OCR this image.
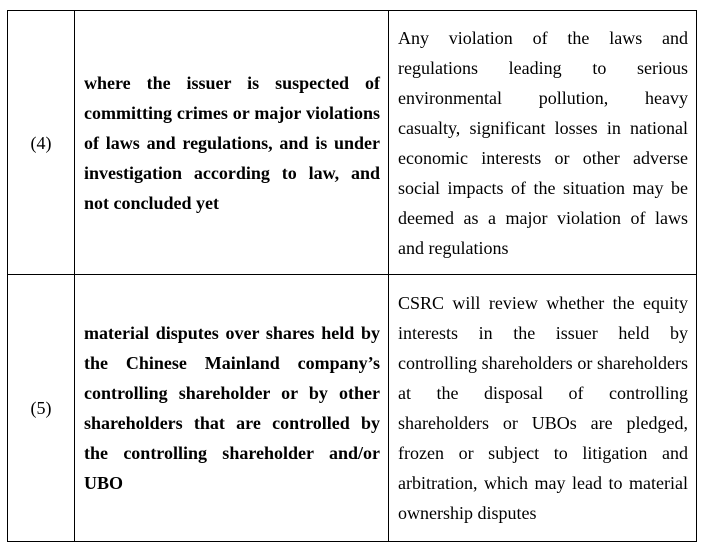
(4)	where the issuer is suspected of committing crimes or major violations of laws and regulations, and is under investigation according to law, and not concluded yet	Any violation of the laws and regulations leading to serious environmental pollution, heavy casualty, significant losses in national economic interests or other adverse social impacts of the situation may be deemed as a major violation of laws and regulations
(5)	material disputes over shares held by the Chinese Mainland company’s controlling shareholder or by other shareholders that are controlled by the controlling shareholder and/or UBO	CSRC will review whether the equity interests in the issuer held by controlling shareholders or shareholders at the disposal of controlling shareholders or UBOs are pledged, frozen or subject to litigation and arbitration, which may lead to material ownership disputes
